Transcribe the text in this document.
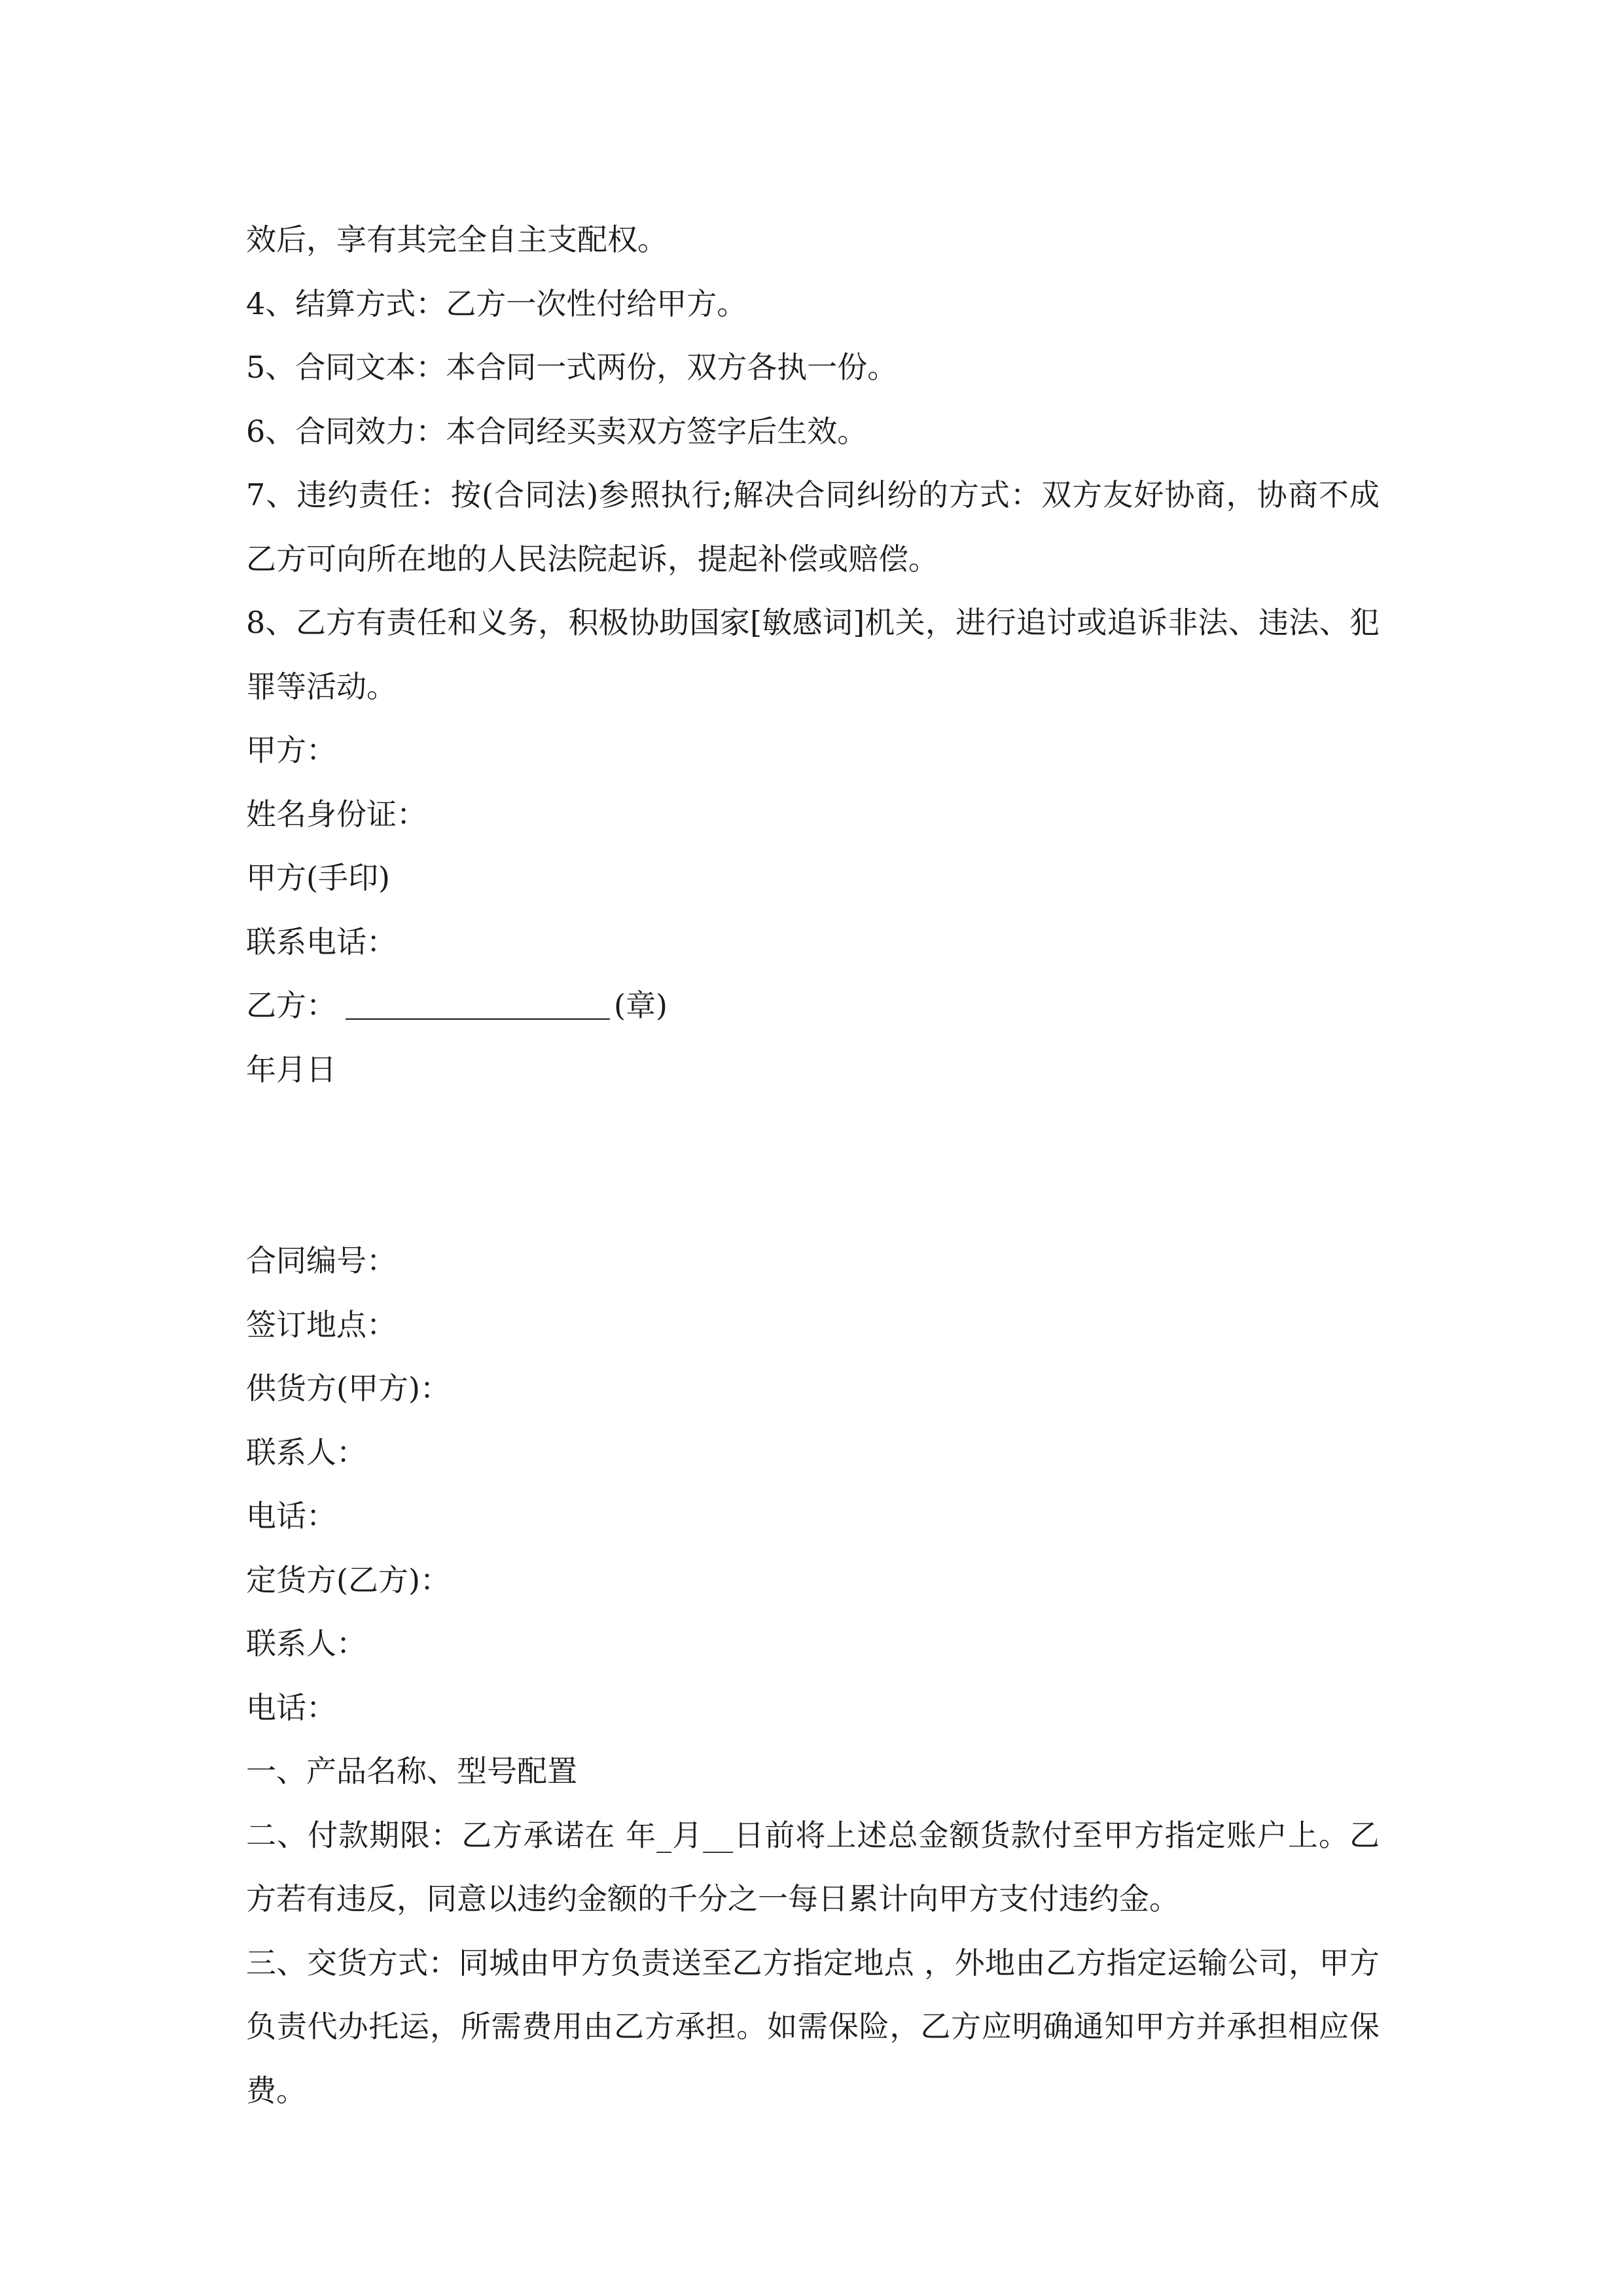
效后，享有其完全自主支配权。

4、结算方式：乙方一次性付给甲方。

5、合同文本：本合同一式两份，双方各执一份。

6、合同效力：本合同经买卖双方签字后生效。

7、违约责任：按(合同法)参照执行;解决合同纠纷的方式：双方友好协商，协商不成乙方可向所在地的人民法院起诉，提起补偿或赔偿。

8、乙方有责任和义务，积极协助国家[敏感词]机关，进行追讨或追诉非法、违法、犯罪等活动。

甲方：

姓名身份证：

甲方(手印)

联系电话：

乙方：	(章)

年月日

合同编号：

签订地点：

供货方(甲方)：

联系人：

电话：

定货方(乙方)：

联系人：

电话：

一、产品名称、型号配置

二、付款期限：乙方承诺在 年_月__日前将上述总金额货款付至甲方指定账户上。乙方若有违反，同意以违约金额的千分之一每日累计向甲方支付违约金。

三、交货方式：同城由甲方负责送至乙方指定地点 ，外地由乙方指定运输公司，甲方负责代办托运，所需费用由乙方承担。如需保险，乙方应明确通知甲方并承担相应保费。
